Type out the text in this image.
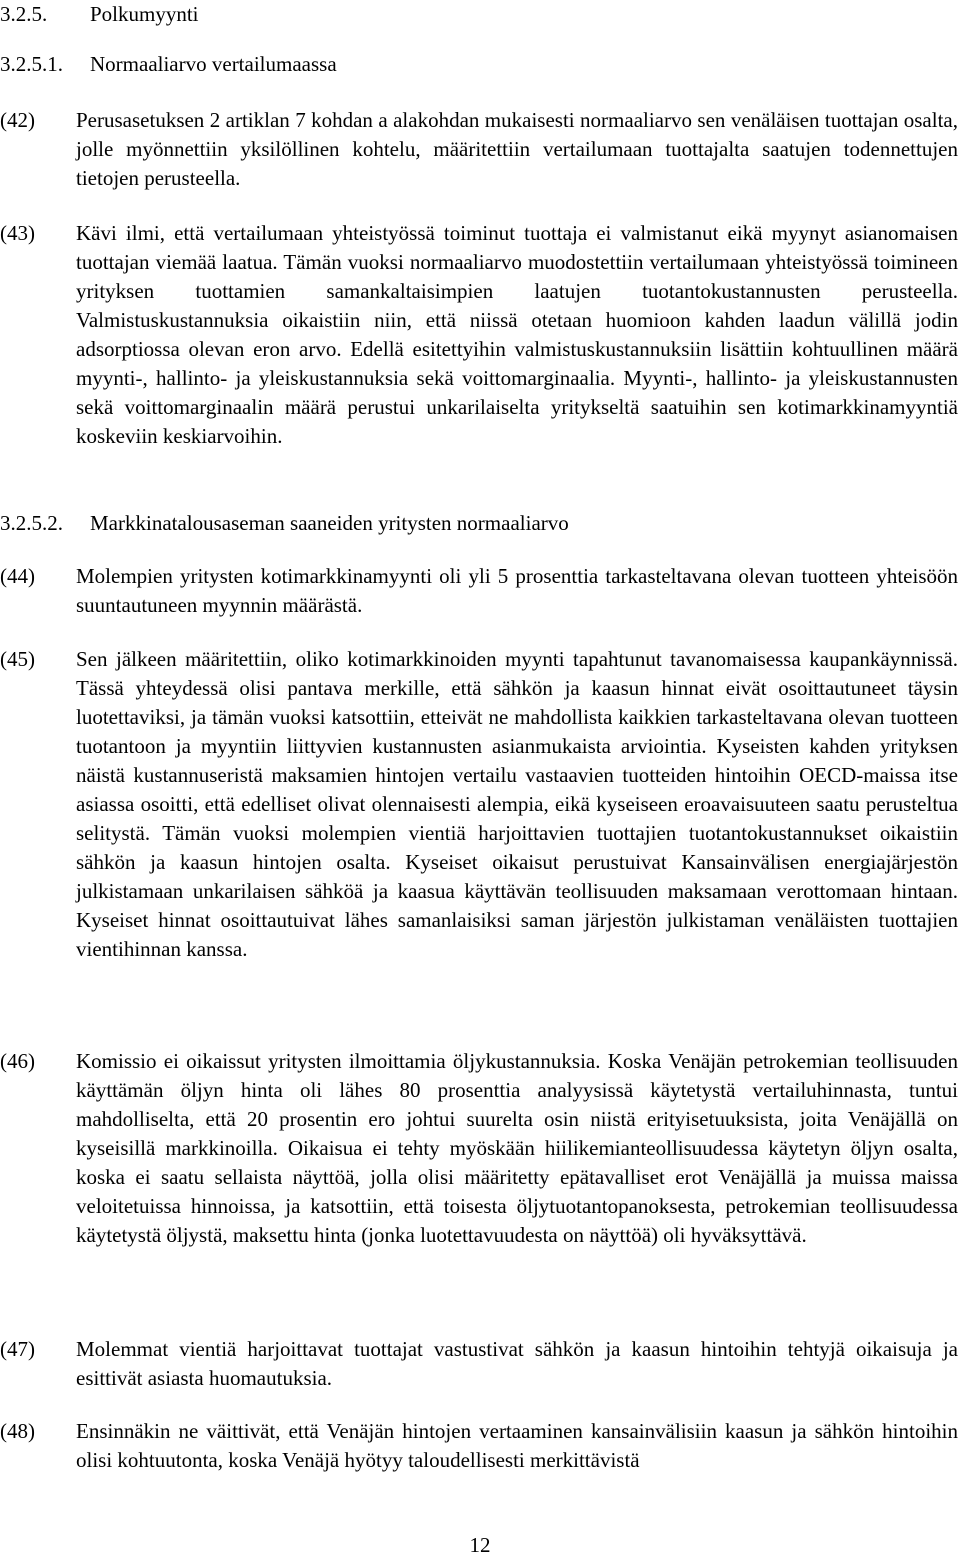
3.2.5. Polkumyynti
3.2.5.1. Normaaliarvo vertailumaassa
(42)	Perusasetuksen 2 artiklan 7 kohdan a alakohdan mukaisesti normaaliarvo sen venäläisen tuottajan osalta, jolle myönnettiin yksilöllinen kohtelu, määritettiin vertailumaan tuottajalta saatujen todennettujen tietojen perusteella.
(43)	Kävi ilmi, että vertailumaan yhteistyössä toiminut tuottaja ei valmistanut eikä myynyt asianomaisen tuottajan viemää laatua. Tämän vuoksi normaaliarvo muodostettiin vertailumaan yhteistyössä toimineen yrityksen tuottamien samankaltaisimpien laatujen tuotantokustannusten perusteella. Valmistuskustannuksia oikaistiin niin, että niissä otetaan huomioon kahden laadun välillä jodin adsorptiossa olevan eron arvo. Edellä esitettyihin valmistuskustannuksiin lisättiin kohtuullinen määrä myynti-, hallinto- ja yleiskustannuksia sekä voittomarginaalia. Myynti-, hallinto- ja yleiskustannusten sekä voittomarginaalin määrä perustui unkarilaiselta yritykseltä saatuihin sen kotimarkkinamyyntiä koskeviin keskiarvoihin.
3.2.5.2. Markkinatalousaseman saaneiden yritysten normaaliarvo
(44)	Molempien yritysten kotimarkkinamyynti oli yli 5 prosenttia tarkasteltavana olevan tuotteen yhteisöön suuntautuneen myynnin määrästä.
(45)	Sen jälkeen määritettiin, oliko kotimarkkinoiden myynti tapahtunut tavanomaisessa kaupankäynnissä. Tässä yhteydessä olisi pantava merkille, että sähkön ja kaasun hinnat eivät osoittautuneet täysin luotettaviksi, ja tämän vuoksi katsottiin, etteivät ne mahdollista kaikkien tarkasteltavana olevan tuotteen tuotantoon ja myyntiin liittyvien kustannusten asianmukaista arviointia. Kyseisten kahden yrityksen näistä kustannuseristä maksamien hintojen vertailu vastaavien tuotteiden hintoihin OECD-maissa itse asiassa osoitti, että edelliset olivat olennaisesti alempia, eikä kyseiseen eroavaisuuteen saatu perusteltua selitystä. Tämän vuoksi molempien vientiä harjoittavien tuottajien tuotantokustannukset oikaistiin sähkön ja kaasun hintojen osalta. Kyseiset oikaisut perustuivat Kansainvälisen energiajärjestön julkistamaan unkarilaisen sähköä ja kaasua käyttävän teollisuuden maksamaan verottomaan hintaan. Kyseiset hinnat osoittautuivat lähes samanlaisiksi saman järjestön julkistaman venäläisten tuottajien vientihinnan kanssa.
(46)	Komissio ei oikaissut yritysten ilmoittamia öljykustannuksia. Koska Venäjän petrokemian teollisuuden käyttämän öljyn hinta oli lähes 80 prosenttia analyysissä käytetystä vertailuhinnasta, tuntui mahdolliselta, että 20 prosentin ero johtui suurelta osin niistä erityisetuuksista, joita Venäjällä on kyseisillä markkinoilla. Oikaisua ei tehty myöskään hiilikemianteollisuudessa käytetyn öljyn osalta, koska ei saatu sellaista näyttöä, jolla olisi määritetty epätavalliset erot Venäjällä ja muissa maissa veloitetuissa hinnoissa, ja katsottiin, että toisesta öljytuotantopanoksesta, petrokemian teollisuudessa käytetystä öljystä, maksettu hinta (jonka luotettavuudesta on näyttöä) oli hyväksyttävä.
(47)	Molemmat vientiä harjoittavat tuottajat vastustivat sähkön ja kaasun hintoihin tehtyjä oikaisuja ja esittivät asiasta huomautuksia.
(48)	Ensinnäkin ne väittivät, että Venäjän hintojen vertaaminen kansainvälisiin kaasun ja sähkön hintoihin olisi kohtuutonta, koska Venäjä hyötyy taloudellisesti merkittävistä
12
